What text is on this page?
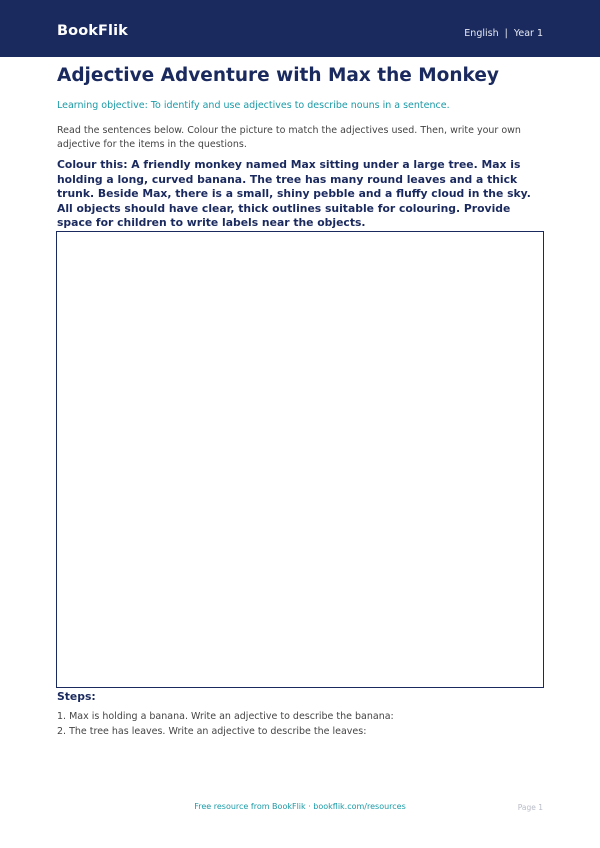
BookFlik	English | Year 1
Adjective Adventure with Max the Monkey
Learning objective: To identify and use adjectives to describe nouns in a sentence.
Read the sentences below. Colour the picture to match the adjectives used. Then, write your own adjective for the items in the questions.
Colour this: A friendly monkey named Max sitting under a large tree. Max is holding a long, curved banana. The tree has many round leaves and a thick trunk. Beside Max, there is a small, shiny pebble and a fluffy cloud in the sky. All objects should have clear, thick outlines suitable for colouring. Provide space for children to write labels near the objects.
Steps:
1. Max is holding a banana. Write an adjective to describe the banana:
2. The tree has leaves. Write an adjective to describe the leaves:
Free resource from BookFlik · bookflik.com/resources	Page 1
